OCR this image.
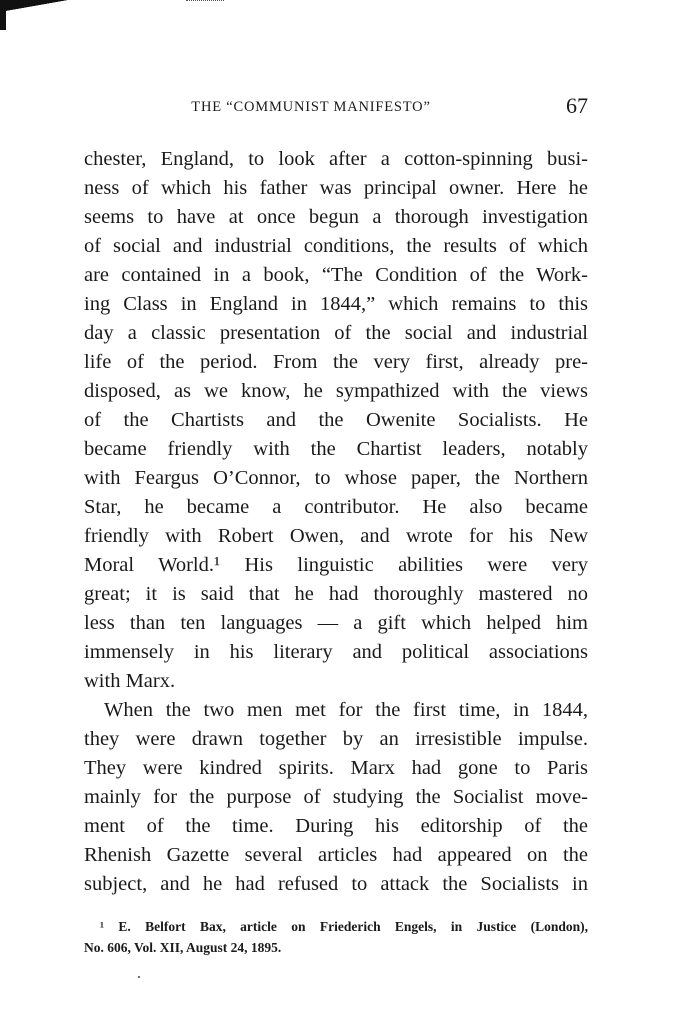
THE “COMMUNIST MANIFESTO”	67
chester, England, to look after a cotton-spinning busi-
ness of which his father was principal owner. Here he
seems to have at once begun a thorough investigation
of social and industrial conditions, the results of which
are contained in a book, “The Condition of the Work-
ing Class in England in 1844,” which remains to this
day a classic presentation of the social and industrial
life of the period. From the very first, already pre-
disposed, as we know, he sympathized with the views
of the Chartists and the Owenite Socialists. He
became friendly with the Chartist leaders, notably
with Feargus O’Connor, to whose paper, the Northern
Star, he became a contributor. He also became
friendly with Robert Owen, and wrote for his New
Moral World.¹ His linguistic abilities were very
great; it is said that he had thoroughly mastered no
less than ten languages — a gift which helped him
immensely in his literary and political associations
with Marx.
When the two men met for the first time, in 1844,
they were drawn together by an irresistible impulse.
They were kindred spirits. Marx had gone to Paris
mainly for the purpose of studying the Socialist move-
ment of the time. During his editorship of the
Rhenish Gazette several articles had appeared on the
subject, and he had refused to attack the Socialists in
¹ E. Belfort Bax, article on Friederich Engels, in Justice (London),
No. 606, Vol. XII, August 24, 1895.
